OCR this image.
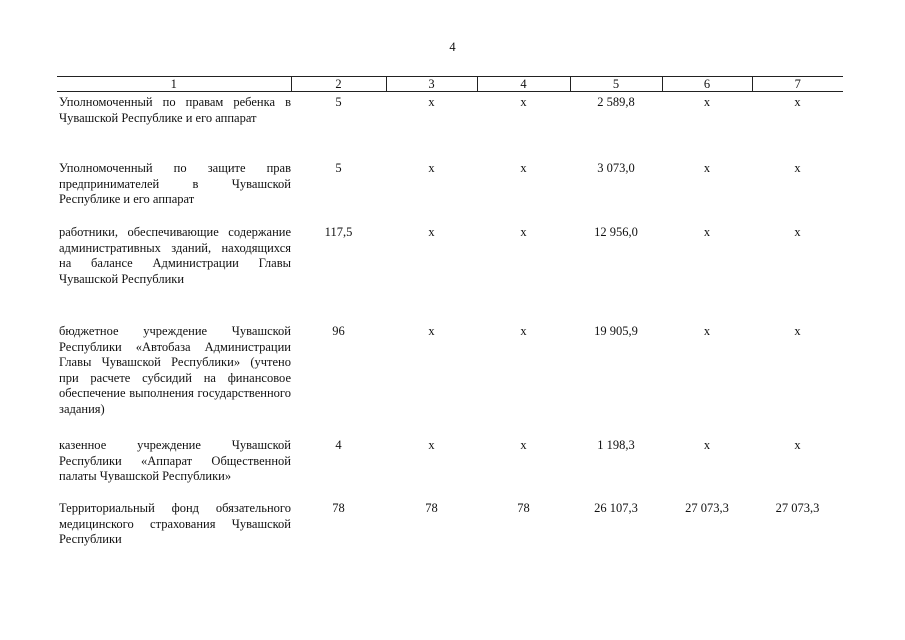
4
1	2	3	4	5	6	7
Уполномоченный по правам ребенка в Чувашской Республике и его аппарат	5	х	х	2 589,8	х	х
Уполномоченный по защите прав предпринимателей в Чувашской Республике и его аппарат	5	х	х	3 073,0	х	х
работники, обеспечивающие содержание административных зданий, находящихся на балансе Администрации Главы Чувашской Республики	117,5	х	х	12 956,0	х	х
бюджетное учреждение Чувашской Республики «Автобаза Администрации Главы Чувашской Республики» (учтено при расчете субсидий на финансовое обеспечение выполнения государственного задания)	96	х	х	19 905,9	х	х
казенное учреждение Чувашской Республики «Аппарат Общественной палаты Чувашской Республики»	4	х	х	1 198,3	х	х
Территориальный фонд обязательного медицинского страхования Чувашской Республики	78	78	78	26 107,3	27 073,3	27 073,3
